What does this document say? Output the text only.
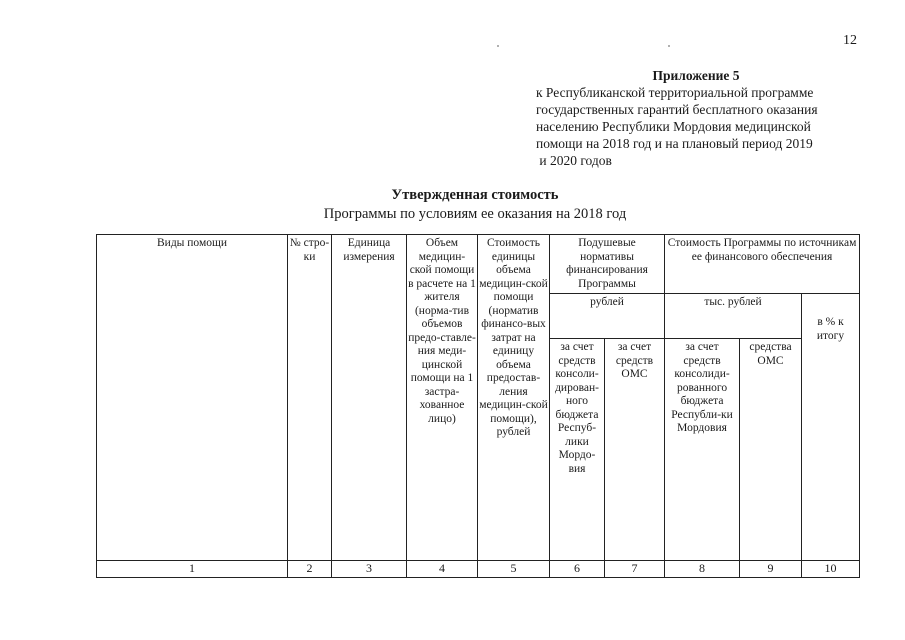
12
Приложение 5
к Республиканской территориальной программе
государственных гарантий бесплатного оказания
населению Республики Мордовия медицинской
помощи на 2018 год и на плановый период 2019
и 2020 годов
Утвержденная стоимость
Программы по условиям ее оказания на 2018 год
Виды помощи	№ стро-ки	Единица измерения	Объем медицин-ской помощи в расчете на 1 жителя (норма-тив объемов предо-ставле-ния меди-цинской помощи на 1 застра-хованное лицо)	Стоимость единицы объема медицин-ской помощи (норматив финансо-вых затрат на единицу объема предостав-ления медицин-ской помощи), рублей	Подушевые нормативы финансирования Программы		Стоимость Программы по источникам ее финансового обеспечения		
					рублей		тыс. рублей		в % к итогу
					за счет средств консоли-дирован-ного бюджета Респуб-лики Мордо-вия	за счет средств ОМС	за счет средств консолиди-рованного бюджета Республи-ки Мордовия	средства ОМС	
1	2	3	4	5	6	7	8	9	10
